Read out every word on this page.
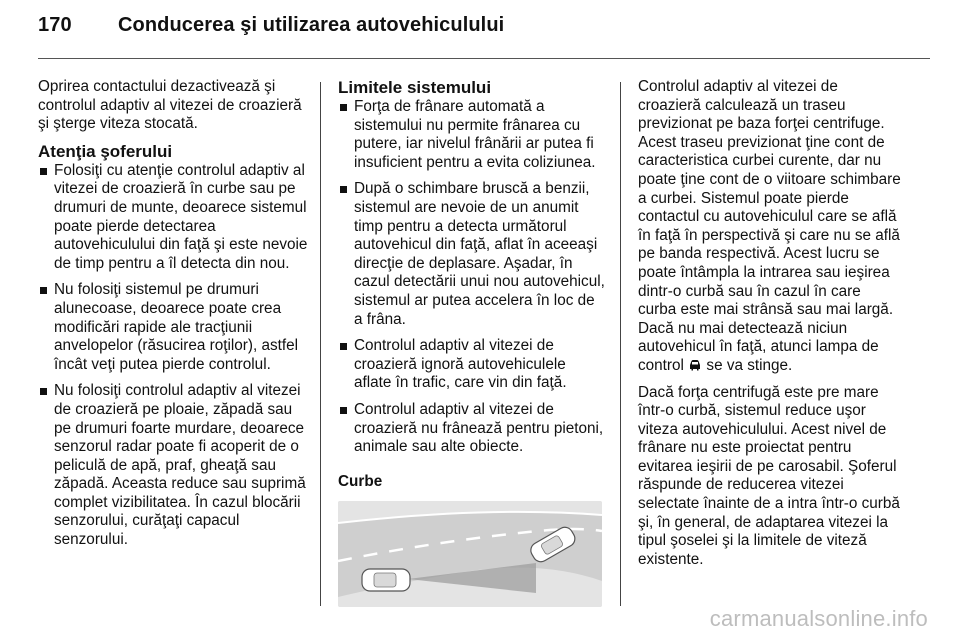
170 Conducerea şi utilizarea autovehiculului

Oprirea contactului dezactivează şi controlul adaptiv al vitezei de croazieră şi şterge viteza stocată.

Atenţia şoferului
Folosiţi cu atenţie controlul adaptiv al vitezei de croazieră în curbe sau pe drumuri de munte, deoarece sistemul poate pierde detectarea autovehiculului din faţă şi este nevoie de timp pentru a îl detecta din nou.
Nu folosiţi sistemul pe drumuri alunecoase, deoarece poate crea modificări rapide ale tracţiunii anvelopelor (răsucirea roţilor), astfel încât veţi putea pierde controlul.
Nu folosiţi controlul adaptiv al vitezei de croazieră pe ploaie, zăpadă sau pe drumuri foarte murdare, deoarece senzorul radar poate fi acoperit de o peliculă de apă, praf, gheaţă sau zăpadă. Aceasta reduce sau suprimă complet vizibilitatea. În cazul blocării senzorului, curăţaţi capacul senzorului.
Limitele sistemului
Forţa de frânare automată a sistemului nu permite frânarea cu putere, iar nivelul frânării ar putea fi insuficient pentru a evita coliziunea.
După o schimbare bruscă a benzii, sistemul are nevoie de un anumit timp pentru a detecta următorul autovehicul din faţă, aflat în aceeaşi direcţie de deplasare. Aşadar, în cazul detectării unui nou autovehicul, sistemul ar putea accelera în loc de a frâna.
Controlul adaptiv al vitezei de croazieră ignoră autovehiculele aflate în trafic, care vin din faţă.
Controlul adaptiv al vitezei de croazieră nu frânează pentru pietoni, animale sau alte obiecte.
Curbe

Controlul adaptiv al vitezei de croazieră calculează un traseu previzionat pe baza forţei centrifuge. Acest traseu previzionat ţine cont de caracteristica curbei curente, dar nu poate ţine cont de o viitoare schimbare a curbei. Sistemul poate pierde contactul cu autovehiculul care se află în faţă în perspectivă şi care nu se află pe banda respectivă. Acest lucru se poate întâmpla la intrarea sau ieşirea dintr-o curbă sau în cazul în care curba este mai strânsă sau mai largă. Dacă nu mai detectează niciun autovehicul în faţă, atunci lampa de control se va stinge.

Dacă forţa centrifugă este pre mare într-o curbă, sistemul reduce uşor viteza autovehiculului. Acest nivel de frânare nu este proiectat pentru evitarea ieşirii de pe carosabil. Şoferul răspunde de reducerea vitezei selectate înainte de a intra într-o curbă şi, în general, de adaptarea vitezei la tipul şoselei şi la limitele de viteză existente.

carmanualsonline.info
